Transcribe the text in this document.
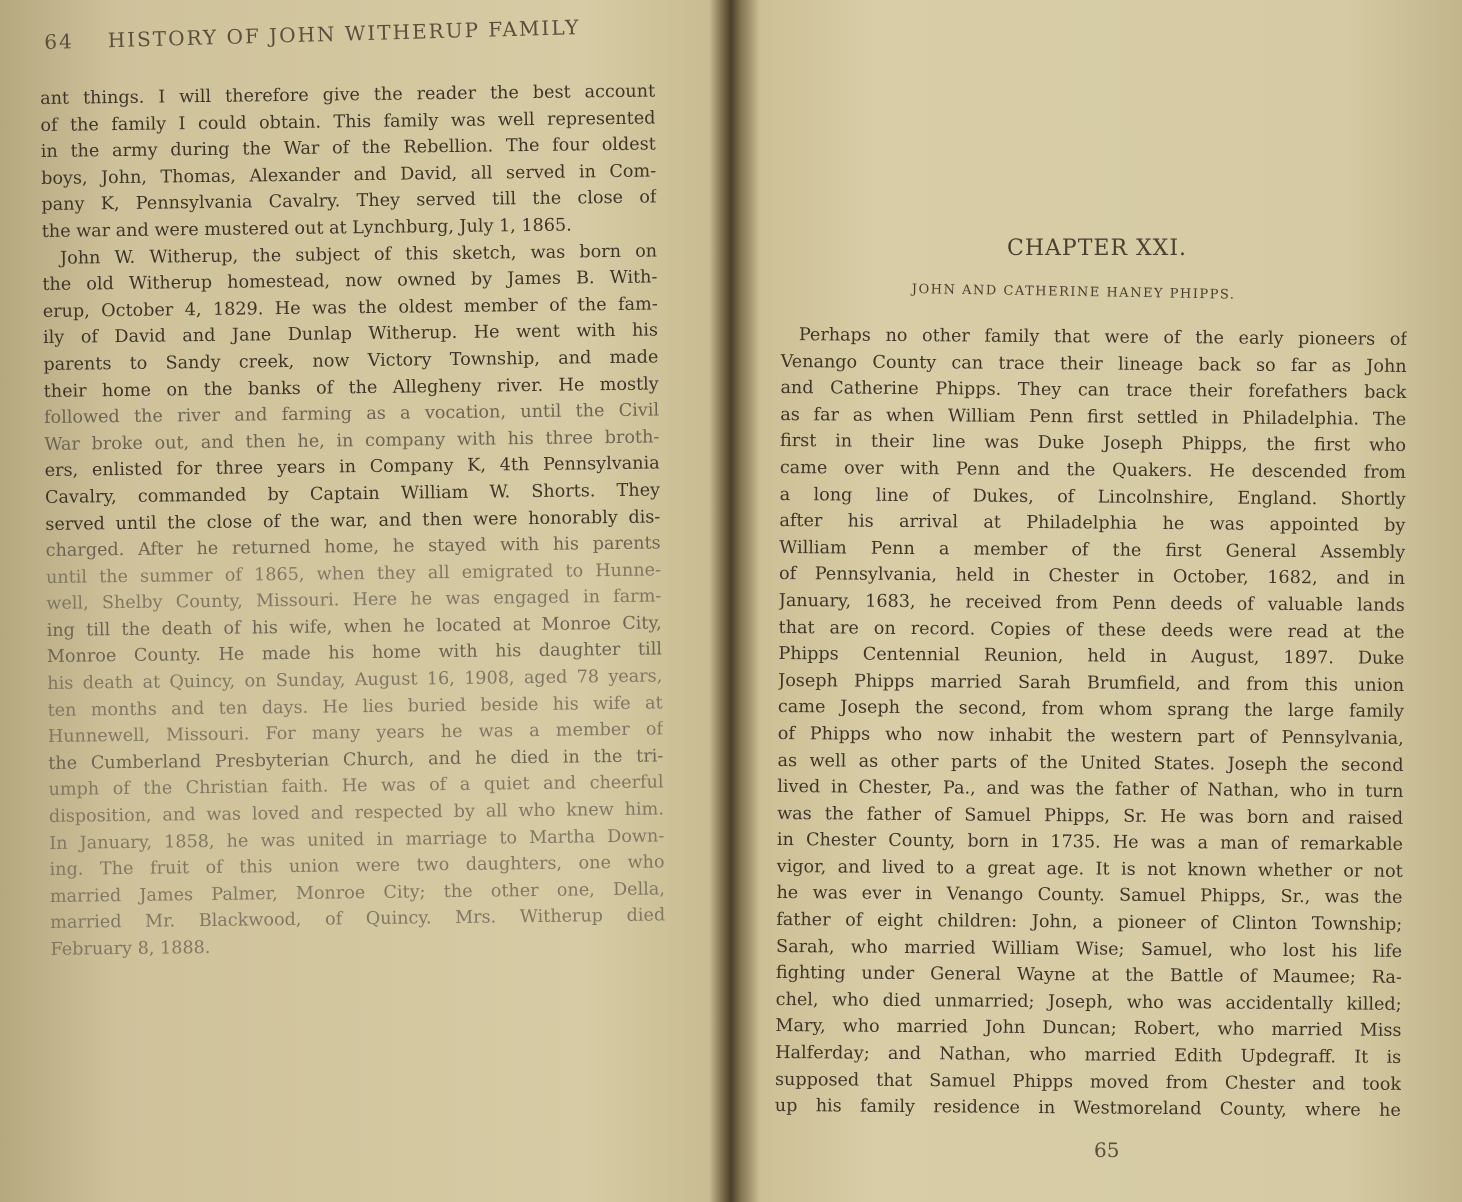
64 HISTORY OF JOHN WITHERUP FAMILY
ant things. I will therefore give the reader the best account
of the family I could obtain. This family was well represented
in the army during the War of the Rebellion. The four oldest
boys, John, Thomas, Alexander and David, all served in Com-
pany K, Pennsylvania Cavalry. They served till the close of
the war and were mustered out at Lynchburg, July 1, 1865.
John W. Witherup, the subject of this sketch, was born on
the old Witherup homestead, now owned by James B. With-
erup, October 4, 1829. He was the oldest member of the fam-
ily of David and Jane Dunlap Witherup. He went with his
parents to Sandy creek, now Victory Township, and made
their home on the banks of the Allegheny river. He mostly
followed the river and farming as a vocation, until the Civil
War broke out, and then he, in company with his three broth-
ers, enlisted for three years in Company K, 4th Pennsylvania
Cavalry, commanded by Captain William W. Shorts. They
served until the close of the war, and then were honorably dis-
charged. After he returned home, he stayed with his parents
until the summer of 1865, when they all emigrated to Hunne-
well, Shelby County, Missouri. Here he was engaged in farm-
ing till the death of his wife, when he located at Monroe City,
Monroe County. He made his home with his daughter till
his death at Quincy, on Sunday, August 16, 1908, aged 78 years,
ten months and ten days. He lies buried beside his wife at
Hunnewell, Missouri. For many years he was a member of
the Cumberland Presbyterian Church, and he died in the tri-
umph of the Christian faith. He was of a quiet and cheerful
disposition, and was loved and respected by all who knew him.
In January, 1858, he was united in marriage to Martha Down-
ing. The fruit of this union were two daughters, one who
married James Palmer, Monroe City; the other one, Della,
married Mr. Blackwood, of Quincy. Mrs. Witherup died
February 8, 1888.
CHAPTER XXI.
JOHN AND CATHERINE HANEY PHIPPS.
Perhaps no other family that were of the early pioneers of
Venango County can trace their lineage back so far as John
and Catherine Phipps. They can trace their forefathers back
as far as when William Penn first settled in Philadelphia. The
first in their line was Duke Joseph Phipps, the first who
came over with Penn and the Quakers. He descended from
a long line of Dukes, of Lincolnshire, England. Shortly
after his arrival at Philadelphia he was appointed by
William Penn a member of the first General Assembly
of Pennsylvania, held in Chester in October, 1682, and in
January, 1683, he received from Penn deeds of valuable lands
that are on record. Copies of these deeds were read at the
Phipps Centennial Reunion, held in August, 1897. Duke
Joseph Phipps married Sarah Brumfield, and from this union
came Joseph the second, from whom sprang the large family
of Phipps who now inhabit the western part of Pennsylvania,
as well as other parts of the United States. Joseph the second
lived in Chester, Pa., and was the father of Nathan, who in turn
was the father of Samuel Phipps, Sr. He was born and raised
in Chester County, born in 1735. He was a man of remarkable
vigor, and lived to a great age. It is not known whether or not
he was ever in Venango County. Samuel Phipps, Sr., was the
father of eight children: John, a pioneer of Clinton Township;
Sarah, who married William Wise; Samuel, who lost his life
fighting under General Wayne at the Battle of Maumee; Ra-
chel, who died unmarried; Joseph, who was accidentally killed;
Mary, who married John Duncan; Robert, who married Miss
Halferday; and Nathan, who married Edith Updegraff. It is
supposed that Samuel Phipps moved from Chester and took
up his family residence in Westmoreland County, where he
65
